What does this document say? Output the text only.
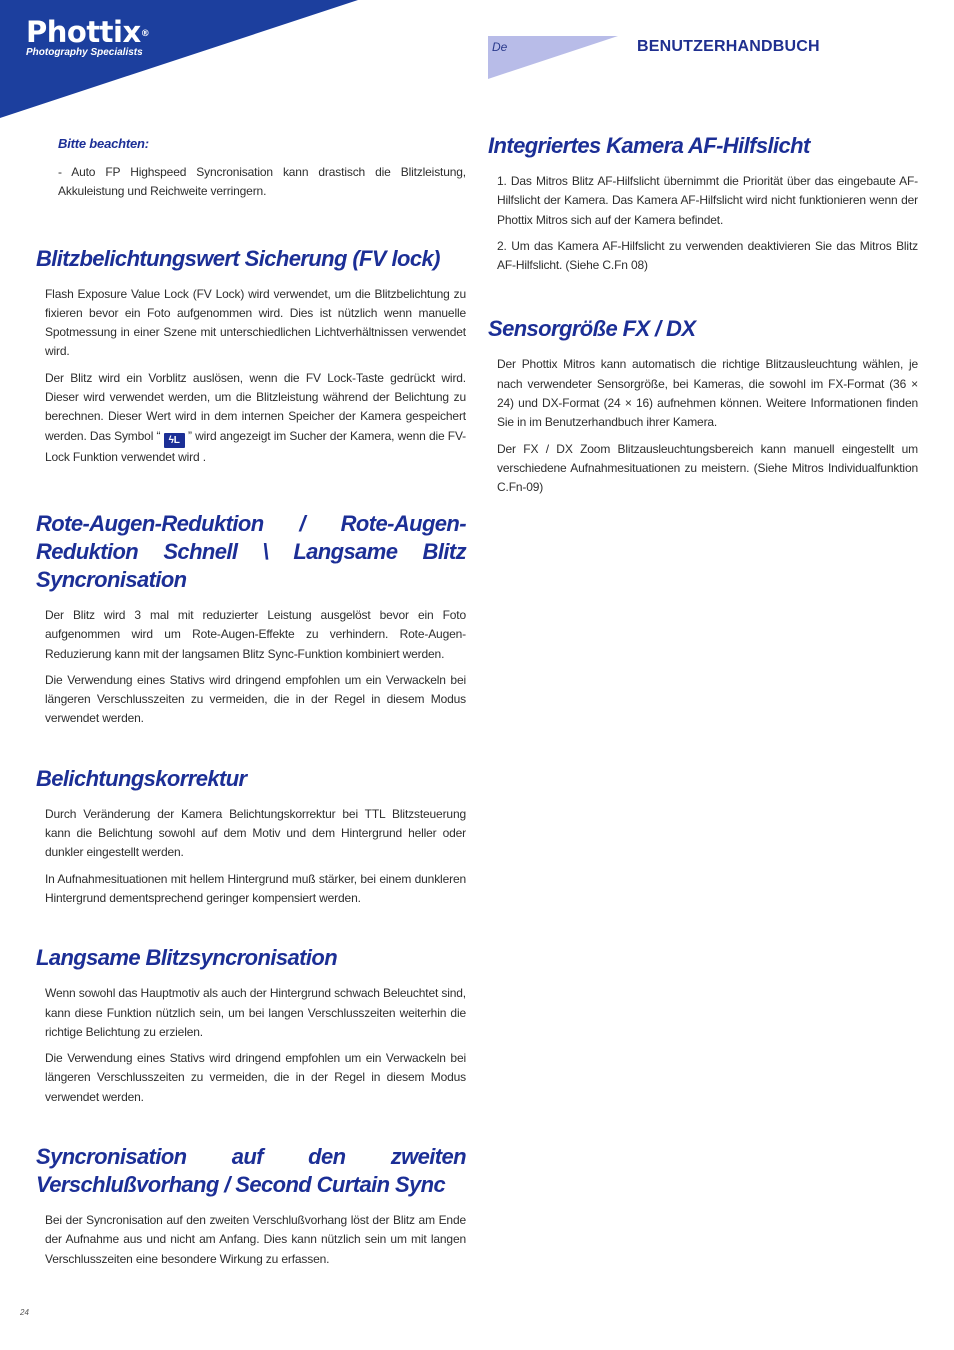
Phottix®
Photography Specialists	De	BENUTZERHANDBUCH
Bitte beachten:

- Auto FP Highspeed Syncronisation kann drastisch die Blitzleistung, Akkuleistung und Reichweite verringern.

Blitzbelichtungswert Sicherung (FV lock)

Flash Exposure Value Lock (FV Lock) wird verwendet, um die Blitzbelichtung zu fixieren bevor ein Foto aufgenommen wird. Dies ist nützlich wenn manuelle Spotmessung in einer Szene mit unterschiedlichen Lichtverhältnissen verwendet wird.

Der Blitz wird ein Vorblitz auslösen, wenn die FV Lock-Taste gedrückt wird. Dieser wird verwendet werden, um die Blitzleistung während der Belichtung zu berechnen. Dieser Wert wird in dem internen Speicher der Kamera gespeichert werden. Das Symbol “ ϟL ” wird angezeigt im Sucher der Kamera, wenn die FV-Lock Funktion verwendet wird .

Rote-Augen-Reduktion / Rote-Augen-Reduktion Schnell \ Langsame Blitz Syncronisation

Der Blitz wird 3 mal mit reduzierter Leistung ausgelöst bevor ein Foto aufgenommen wird um Rote-Augen-Effekte zu verhindern. Rote-Augen-Reduzierung kann mit der langsamen Blitz Sync-Funktion kombiniert werden.

Die Verwendung eines Stativs wird dringend empfohlen um ein Verwackeln bei längeren Verschlusszeiten zu vermeiden, die in der Regel in diesem Modus verwendet werden.

Belichtungskorrektur

Durch Veränderung der Kamera Belichtungskorrektur bei TTL Blitzsteuerung kann die Belichtung sowohl auf dem Motiv und dem Hintergrund heller oder dunkler eingestellt werden.

In Aufnahmesituationen mit hellem Hintergrund muß stärker, bei einem dunkleren Hintergrund dementsprechend geringer kompensiert werden.

Langsame Blitzsyncronisation

Wenn sowohl das Hauptmotiv als auch der Hintergrund schwach Beleuchtet sind, kann diese Funktion nützlich sein, um bei langen Verschlusszeiten weiterhin die richtige Belichtung zu erzielen.

Die Verwendung eines Stativs wird dringend empfohlen um ein Verwackeln bei längeren Verschlusszeiten zu vermeiden, die in der Regel in diesem Modus verwendet werden.

Syncronisation auf den zweiten Verschlußvorhang / Second Curtain Sync

Bei der Syncronisation auf den zweiten Verschlußvorhang löst der Blitz am Ende der Aufnahme aus und nicht am Anfang. Dies kann nützlich sein um mit langen Verschlusszeiten eine besondere Wirkung zu erfassen.

Integriertes Kamera AF-Hilfslicht

1. Das Mitros Blitz AF-Hilfslicht übernimmt die Priorität über das eingebaute AF-Hilfslicht der Kamera. Das Kamera AF-Hilfslicht wird nicht funktionieren wenn der Phottix Mitros sich auf der Kamera befindet.

2. Um das Kamera AF-Hilfslicht zu verwenden deaktivieren Sie das Mitros Blitz AF-Hilfslicht. (Siehe C.Fn 08)

Sensorgröße FX / DX

Der Phottix Mitros kann automatisch die richtige Blitzausleuchtung wählen, je nach verwendeter Sensorgröße, bei Kameras, die sowohl im FX-Format (36 × 24) und DX-Format (24 × 16) aufnehmen können. Weitere Informationen finden Sie in im Benutzerhandbuch ihrer Kamera.

Der FX / DX Zoom Blitzausleuchtungsbereich kann manuell eingestellt um verschiedene Aufnahmesituationen zu meistern. (Siehe Mitros Individualfunktion C.Fn-09)

24
